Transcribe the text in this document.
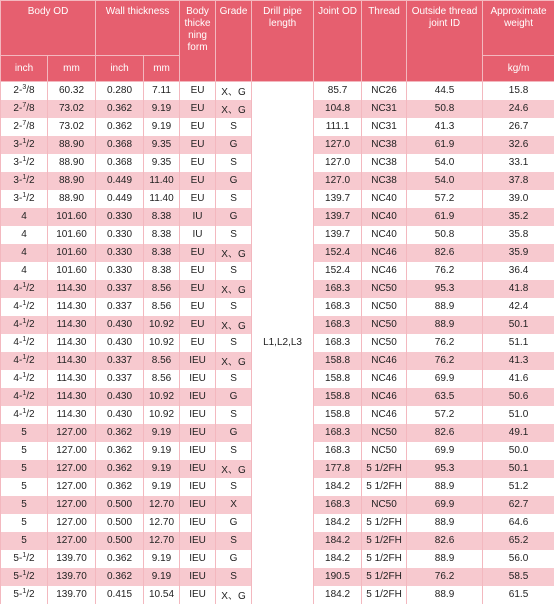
Body OD		Wall thickness		Body thicke ning form	Grade	Drill pipe length	Joint OD	Thread	Outside thread joint ID	Approximate weight
inch	mm	inch	mm							kg/m
2-$^3$/8	60.32	0.280	7.11	EU	X、G	L1,L2,L3	85.7	NC26	44.5	15.8
2-$^7$/8	73.02	0.362	9.19	EU	X、G		104.8	NC31	50.8	24.6
2-$^7$/8	73.02	0.362	9.19	EU	S		111.1	NC31	41.3	26.7
3-$^1$/2	88.90	0.368	9.35	EU	G		127.0	NC38	61.9	32.6
3-$^1$/2	88.90	0.368	9.35	EU	S		127.0	NC38	54.0	33.1
3-$^1$/2	88.90	0.449	11.40	EU	G		127.0	NC38	54.0	37.8
3-$^1$/2	88.90	0.449	11.40	EU	S		139.7	NC40	57.2	39.0
4	101.60	0.330	8.38	IU	G		139.7	NC40	61.9	35.2
4	101.60	0.330	8.38	IU	S		139.7	NC40	50.8	35.8
4	101.60	0.330	8.38	EU	X、G		152.4	NC46	82.6	35.9
4	101.60	0.330	8.38	EU	S		152.4	NC46	76.2	36.4
4-$^1$/2	114.30	0.337	8.56	EU	X、G		168.3	NC50	95.3	41.8
4-$^1$/2	114.30	0.337	8.56	EU	S		168.3	NC50	88.9	42.4
4-$^1$/2	114.30	0.430	10.92	EU	X、G		168.3	NC50	88.9	50.1
4-$^1$/2	114.30	0.430	10.92	EU	S		168.3	NC50	76.2	51.1
4-$^1$/2	114.30	0.337	8.56	IEU	X、G		158.8	NC46	76.2	41.3
4-$^1$/2	114.30	0.337	8.56	IEU	S		158.8	NC46	69.9	41.6
4-$^1$/2	114.30	0.430	10.92	IEU	G		158.8	NC46	63.5	50.6
4-$^1$/2	114.30	0.430	10.92	IEU	S		158.8	NC46	57.2	51.0
5	127.00	0.362	9.19	IEU	G		168.3	NC50	82.6	49.1
5	127.00	0.362	9.19	IEU	S		168.3	NC50	69.9	50.0
5	127.00	0.362	9.19	IEU	X、G		177.8	5 1/2FH	95.3	50.1
5	127.00	0.362	9.19	IEU	S		184.2	5 1/2FH	88.9	51.2
5	127.00	0.500	12.70	IEU	X		168.3	NC50	69.9	62.7
5	127.00	0.500	12.70	IEU	G		184.2	5 1/2FH	88.9	64.6
5	127.00	0.500	12.70	IEU	S		184.2	5 1/2FH	82.6	65.2
5-$^1$/2	139.70	0.362	9.19	IEU	G		184.2	5 1/2FH	88.9	56.0
5-$^1$/2	139.70	0.362	9.19	IEU	S		190.5	5 1/2FH	76.2	58.5
5-$^1$/2	139.70	0.415	10.54	IEU	X、G		184.2	5 1/2FH	88.9	61.5
